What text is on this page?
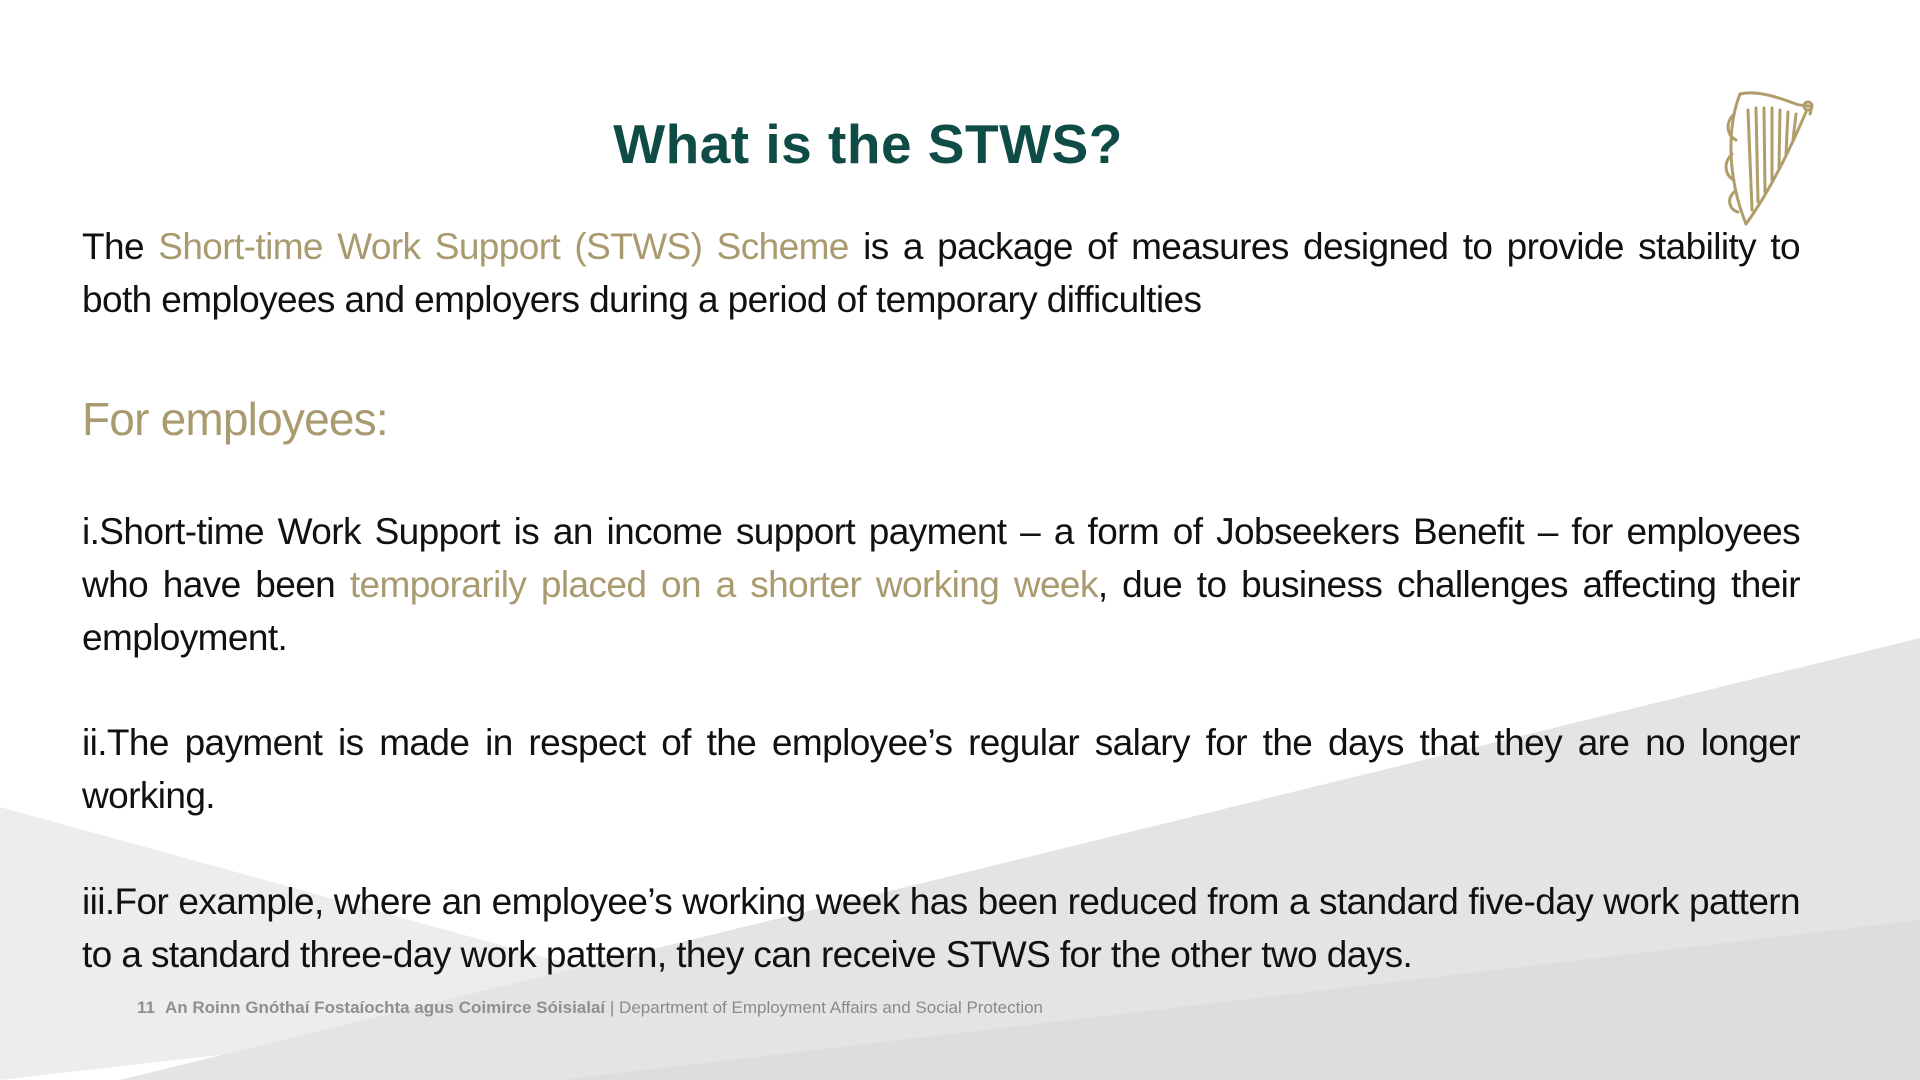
What is the STWS?
The Short-time Work Support (STWS) Scheme is a package of measures designed to provide stability to both employees and employers during a period of temporary difficulties
For employees:
i.Short-time Work Support is an income support payment – a form of Jobseekers Benefit – for employees who have been temporarily placed on a shorter working week, due to business challenges affecting their employment.
ii.The payment is made in respect of the employee’s regular salary for the days that they are no longer working.
iii.For example, where an employee’s working week has been reduced from a standard five-day work pattern to a standard three-day work pattern, they can receive STWS for the other two days.
11 An Roinn Gnóthaí Fostaíochta agus Coimirce Sóisialaí | Department of Employment Affairs and Social Protection
